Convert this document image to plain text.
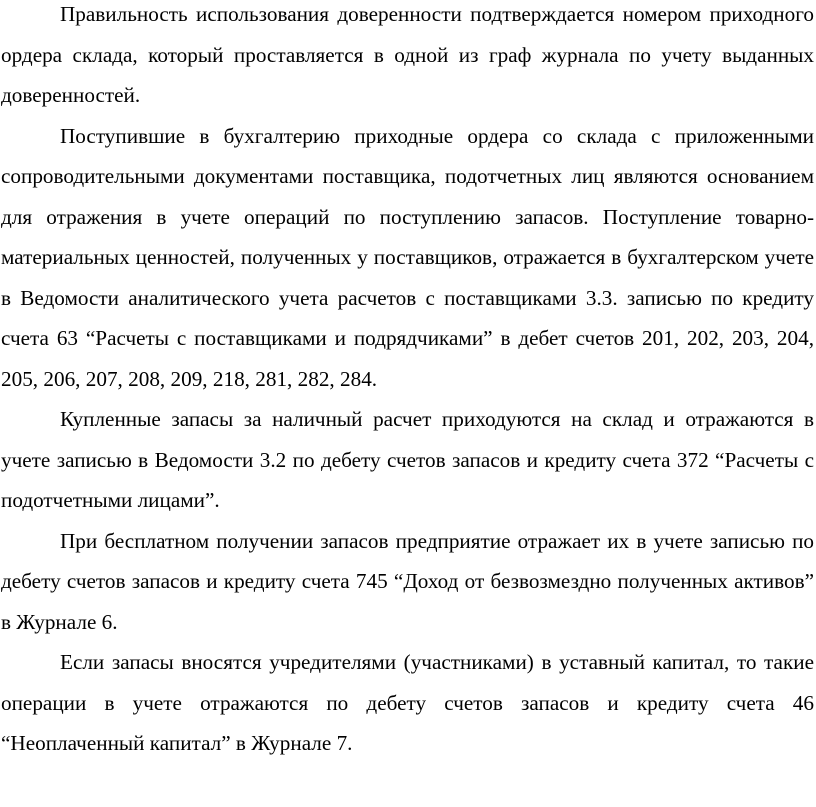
Правильность использования доверенности подтверждается номером приходного ордера склада, который проставляется в одной из граф журнала по учету выданных доверенностей.

Поступившие в бухгалтерию приходные ордера со склада с приложенными сопроводительными документами поставщика, подотчетных лиц являются основанием для отражения в учете операций по поступлению запасов. Поступление товарно-материальных ценностей, полученных у поставщиков, отражается в бухгалтерском учете в Ведомости аналитического учета расчетов с поставщиками 3.3. записью по кредиту счета 63 “Расчеты с поставщиками и подрядчиками” в дебет счетов 201, 202, 203, 204, 205, 206, 207, 208, 209, 218, 281, 282, 284.

Купленные запасы за наличный расчет приходуются на склад и отражаются в учете записью в Ведомости 3.2 по дебету счетов запасов и кредиту счета 372 “Расчеты с подотчетными лицами”.

При бесплатном получении запасов предприятие отражает их в учете записью по дебету счетов запасов и кредиту счета 745 “Доход от безвозмездно полученных активов” в Журнале 6.

Если запасы вносятся учредителями (участниками) в уставный капитал, то такие операции в учете отражаются по дебету счетов запасов и кредиту счета 46 “Неоплаченный капитал” в Журнале 7.
